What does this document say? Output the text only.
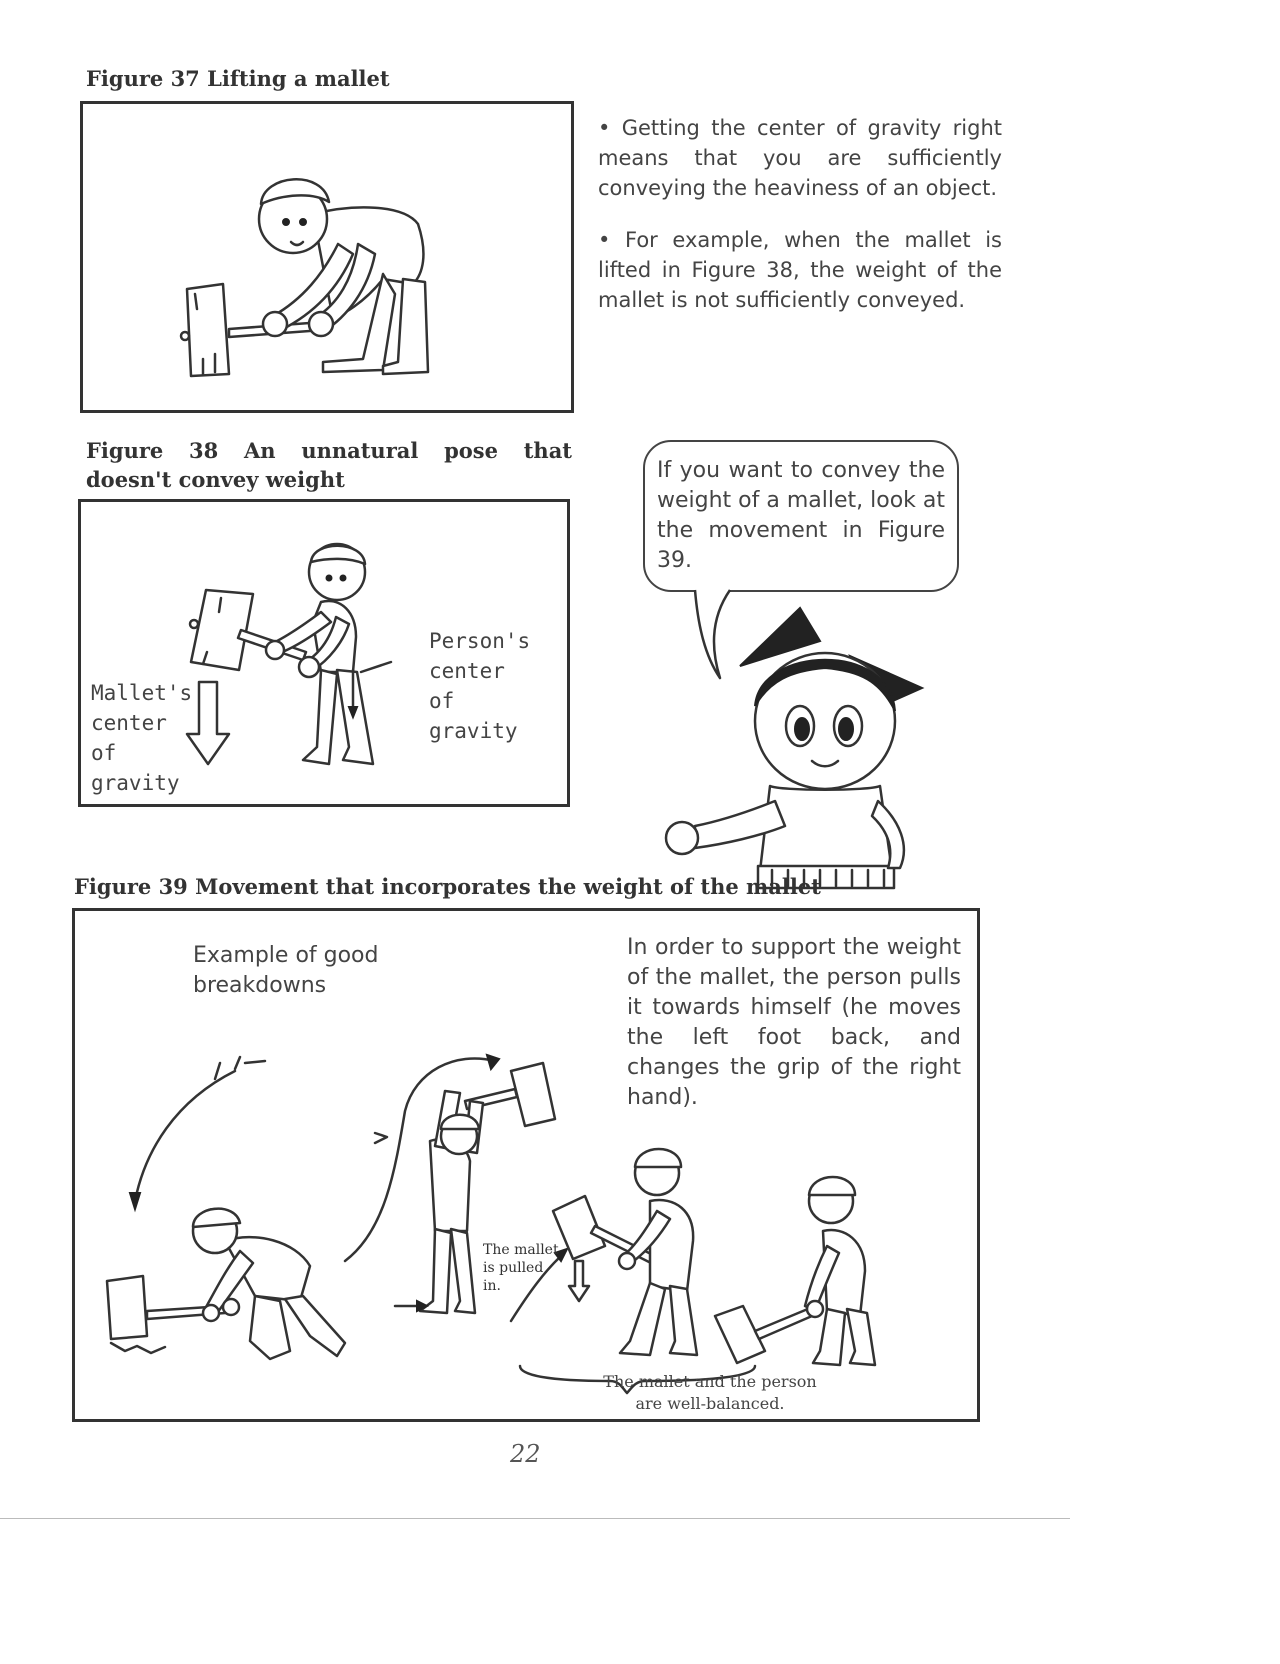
Figure 37 Lifting a mallet

• Getting the center of gravity right means that you are sufficiently conveying the heaviness of an object.

• For example, when the mallet is lifted in Figure 38, the weight of the mallet is not sufficiently conveyed.

Figure 38 An unnatural pose that doesn't convey weight
Mallet's center of gravity
Person's center of gravity
If you want to convey the weight of a mallet, look at the movement in Figure 39.
Figure 39 Movement that incorporates the weight of the mallet
Example of good breakdowns
In order to support the weight of the mallet, the person pulls it towards himself (he moves the left foot back, and changes the grip of the right hand).
The mallet is pulled in.
The mallet and the person are well-balanced.
22
